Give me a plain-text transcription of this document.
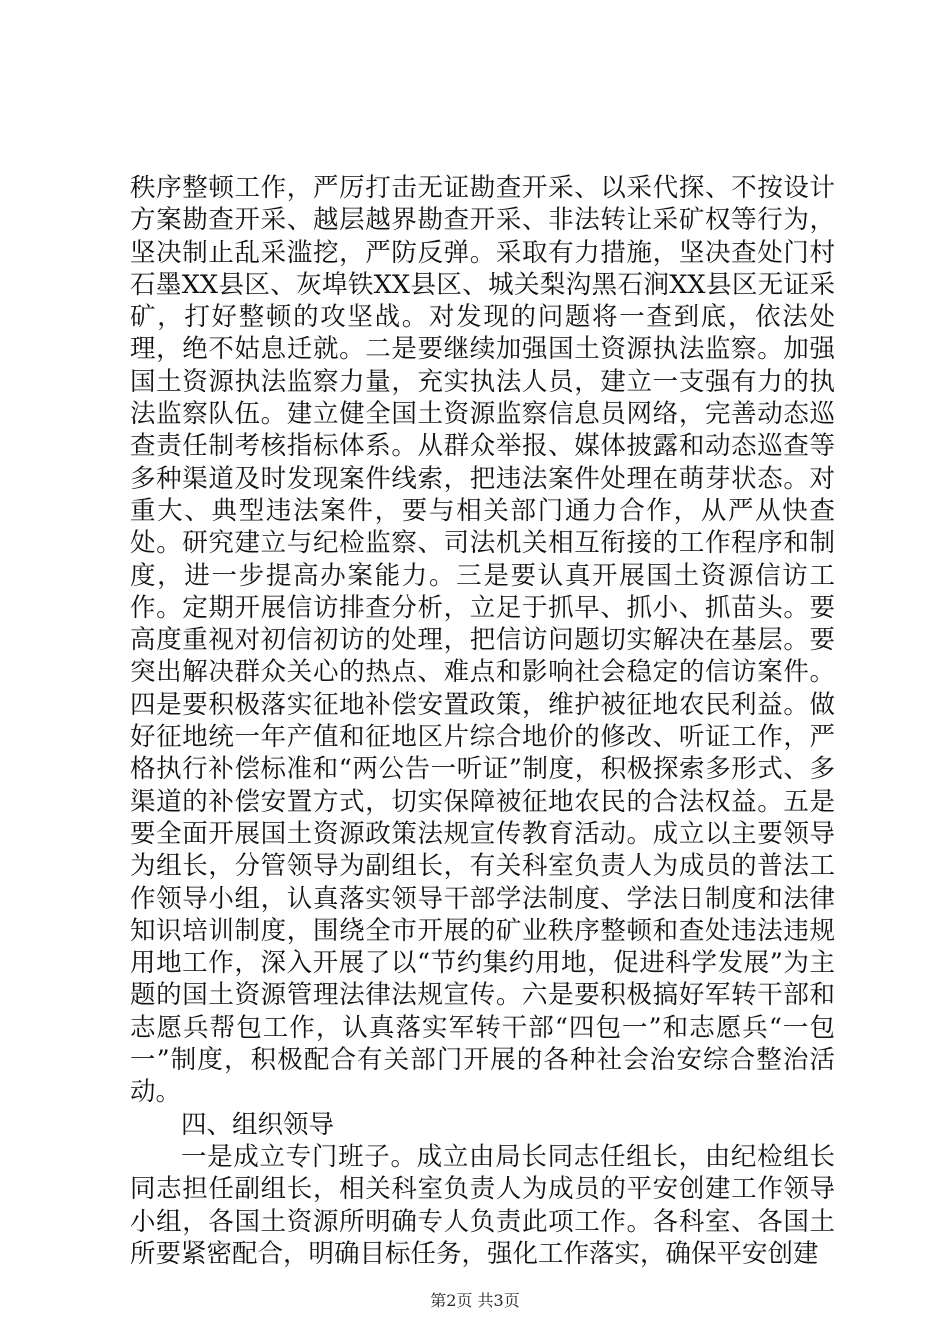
秩序整顿工作，严厉打击无证勘查开采、以采代探、不按设计方案勘查开采、越层越界勘查开采、非法转让采矿权等行为，坚决制止乱采滥挖，严防反弹。采取有力措施，坚决查处门村石墨XX县区、灰埠铁XX县区、城关梨沟黑石涧XX县区无证采矿，打好整顿的攻坚战。对发现的问题将一查到底，依法处理，绝不姑息迁就。二是要继续加强国土资源执法监察。加强国土资源执法监察力量，充实执法人员，建立一支强有力的执法监察队伍。建立健全国土资源监察信息员网络，完善动态巡查责任制考核指标体系。从群众举报、媒体披露和动态巡查等多种渠道及时发现案件线索，把违法案件处理在萌芽状态。对重大、典型违法案件，要与相关部门通力合作，从严从快查处。研究建立与纪检监察、司法机关相互衔接的工作程序和制度，进一步提高办案能力。三是要认真开展国土资源信访工作。定期开展信访排查分析，立足于抓早、抓小、抓苗头。要高度重视对初信初访的处理，把信访问题切实解决在基层。要突出解决群众关心的热点、难点和影响社会稳定的信访案件。四是要积极落实征地补偿安置政策，维护被征地农民利益。做好征地统一年产值和征地区片综合地价的修改、听证工作，严格执行补偿标准和“两公告一听证”制度，积极探索多形式、多渠道的补偿安置方式，切实保障被征地农民的合法权益。五是要全面开展国土资源政策法规宣传教育活动。成立以主要领导为组长，分管领导为副组长，有关科室负责人为成员的普法工作领导小组，认真落实领导干部学法制度、学法日制度和法律知识培训制度，围绕全市开展的矿业秩序整顿和查处违法违规用地工作，深入开展了以“节约集约用地，促进科学发展”为主题的国土资源管理法律法规宣传。六是要积极搞好军转干部和志愿兵帮包工作，认真落实军转干部“四包一”和志愿兵“一包一”制度，积极配合有关部门开展的各种社会治安综合整治活动。

四、组织领导

一是成立专门班子。成立由局长同志任组长，由纪检组长同志担任副组长，相关科室负责人为成员的平安创建工作领导小组，各国土资源所明确专人负责此项工作。各科室、各国土所要紧密配合，明确目标任务，强化工作落实，确保平安创建

第2页 共3页
